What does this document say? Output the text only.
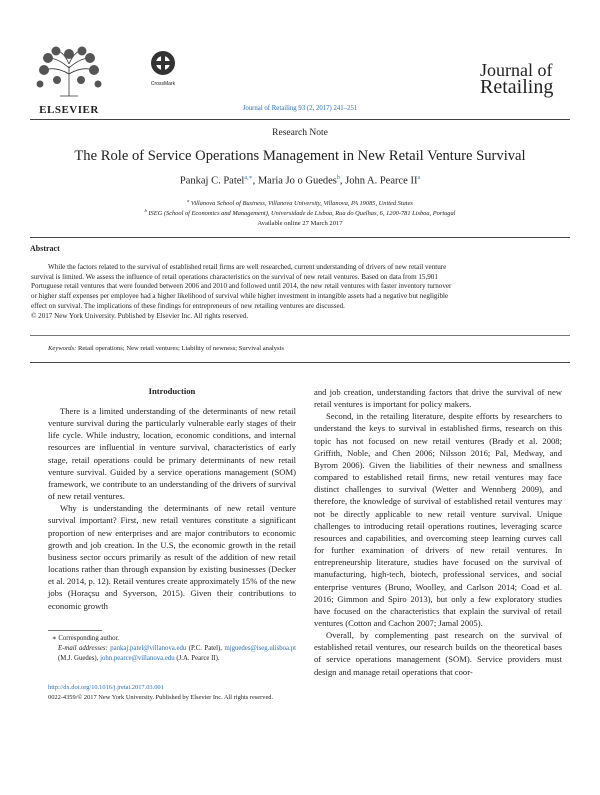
ELSEVIER
CrossMark
Journal of Retailing 93 (2, 2017) 241–251
Journal of
Retailing
Research Note
The Role of Service Operations Management in New Retail Venture Survival
Pankaj C. Patel$^{a,∗}$, Maria Jo o Guedes$^b$, John A. Pearce $II^a$
$^a$ Villanova School of Business, Villanova University, Villanova, PA 19085, United States
$^b$ ISEG (School of Economics and Management), Universidade de Lisboa, Rua do Quelhas, 6, 1200-781 Lisboa, Portugal
Available online 27 March 2017
Abstract
While the factors related to the survival of established retail firms are well researched, current understanding of drivers of new retail venture
survival is limited. We assess the influence of retail operations characteristics on the survival of new retail ventures. Based on data from 15,901
Portuguese retail ventures that were founded between 2006 and 2010 and followed until 2014, the new retail ventures with faster inventory turnover
or higher staff expenses per employee had a higher likelihood of survival while higher investment in intangible assets had a negative but negligible
effect on survival. The implications of these findings for entrepreneurs of new retailing ventures are discussed.
© 2017 New York University. Published by Elsevier Inc. All rights reserved.
Keywords: Retail operations; New retail ventures; Liability of newness; Survival analysis
Introduction

There is a limited understanding of the determinants of new retail venture survival during the particularly vulnerable early stages of their life cycle. While industry, location, economic conditions, and internal resources are influential in venture survival, characteristics of early stage, retail operations could be primary determinants of new retail venture survival. Guided by a service operations management (SOM) framework, we contribute to an understanding of the drivers of survival of new retail ventures.

Why is understanding the determinants of new retail venture survival important? First, new retail ventures constitute a significant proportion of new enterprises and are major contributors to economic growth and job creation. In the U.S, the economic growth in the retail business sector occurs primarily as result of the addition of new retail locations rather than through expansion by existing businesses (Decker et al. 2014, p. 12). Retail ventures create approximately 15% of the new jobs (Horaçsu and Syverson, 2015). Given their contributions to economic growth

and job creation, understanding factors that drive the survival of new retail ventures is important for policy makers.

Second, in the retailing literature, despite efforts by researchers to understand the keys to survival in established firms, research on this topic has not focused on new retail ventures (Brady et al. 2008; Griffith, Noble, and Chen 2006; Nilsson 2016; Pal, Medway, and Byrom 2006). Given the liabilities of their newness and smallness compared to established retail firms, new retail ventures may face distinct challenges to survival (Wetter and Wennberg 2009), and therefore, the knowledge of survival of established retail ventures may not be directly applicable to new retail venture survival. Unique challenges to introducing retail operations routines, leveraging scarce resources and capabilities, and overcoming steep learning curves call for further examination of drivers of new retail ventures. In entrepreneurship literature, studies have focused on the survival of manufacturing, high-tech, biotech, professional services, and social enterprise ventures (Bruno, Woolley, and Carlson 2014; Coad et al. 2016; Gimmon and Spiro 2013), but only a few exploratory studies have focused on the characteristics that explain the survival of retail ventures (Cotton and Cachon 2007; Jamal 2005).

Overall, by complementing past research on the survival of established retail ventures, our research builds on the theoretical bases of service operations management (SOM). Service providers must design and manage retail operations that coor-

∗ Corresponding author.
E-mail addresses: pankaj.patel@villanova.edu (P.C. Patel), mjguedes@iseg.ulisboa.pt (M.J. Guedes), john.pearce@villanova.edu (J.A. Pearce II).
http://dx.doi.org/10.1016/j.jretai.2017.03.001
0022-4359/© 2017 New York University. Published by Elsevier Inc. All rights reserved.
